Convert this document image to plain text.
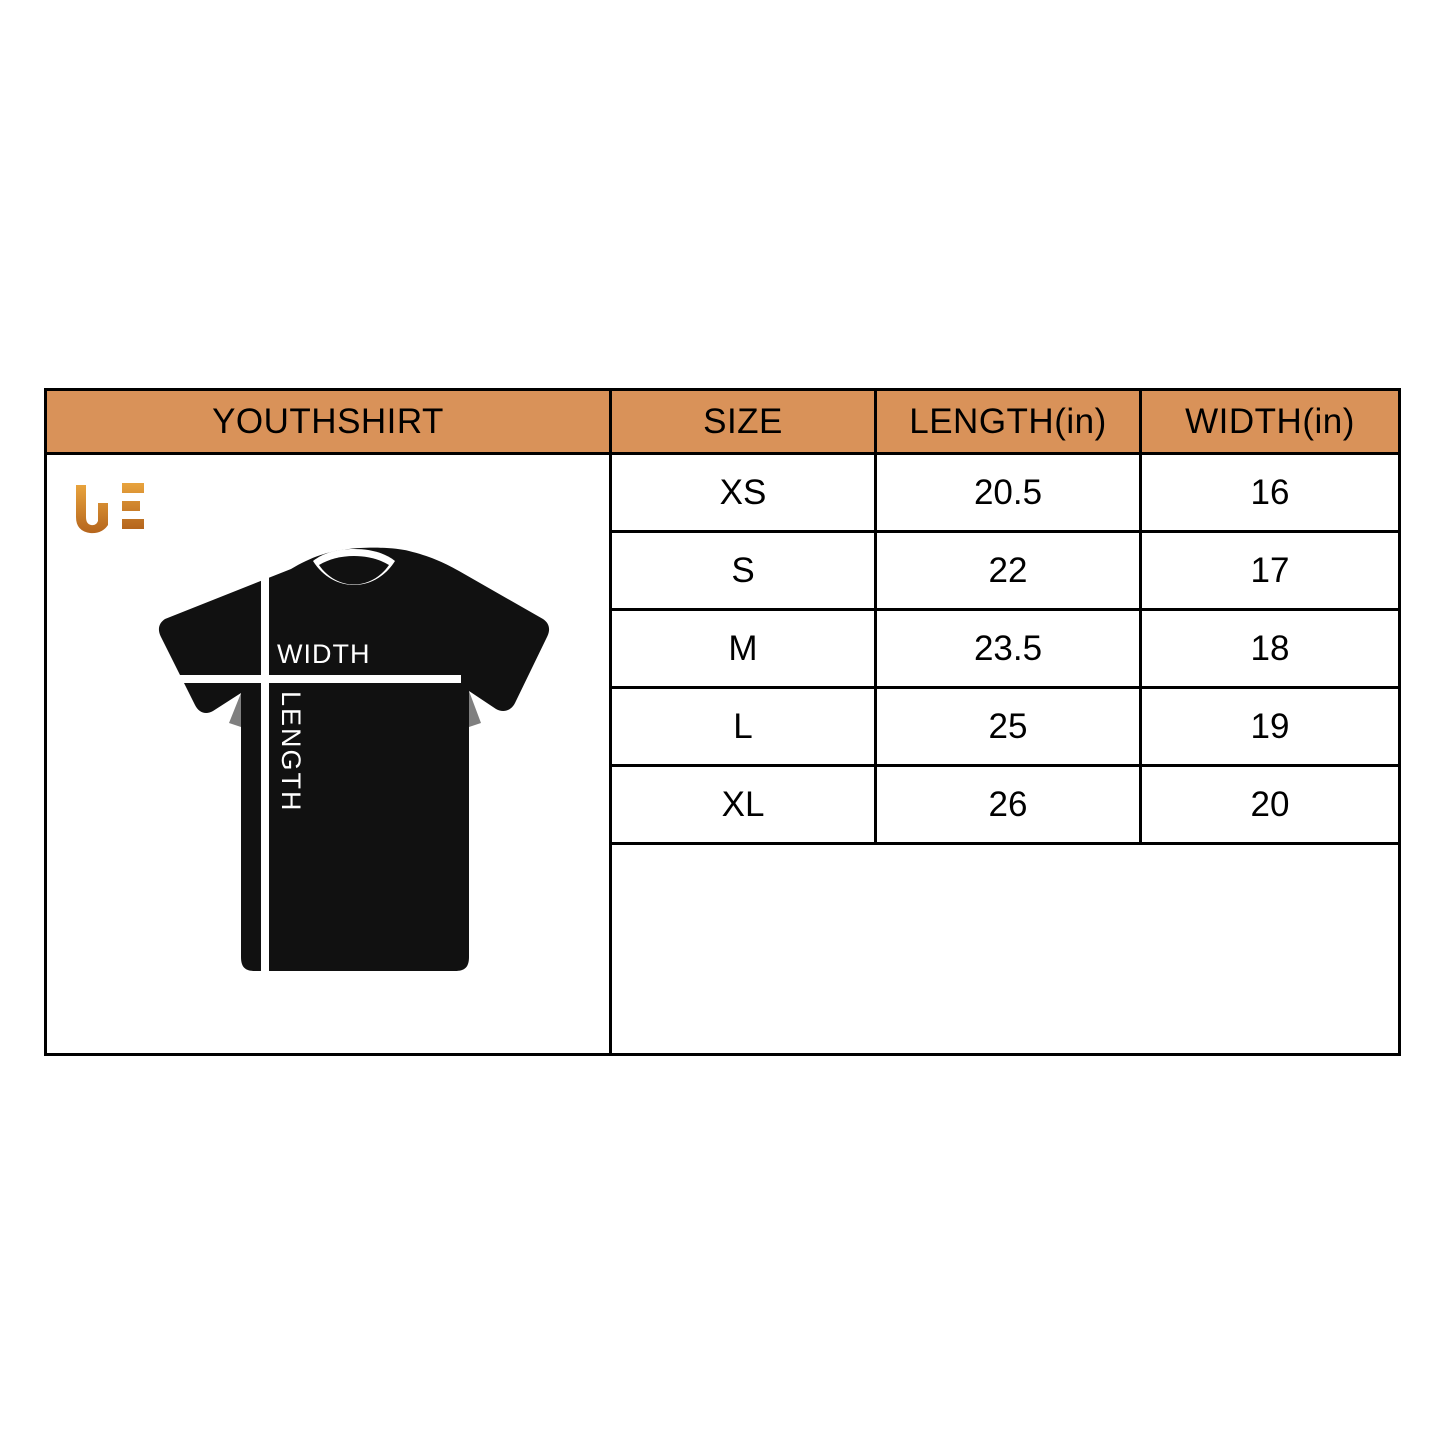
YOUTHSHIRT	SIZE	LENGTH(in) WIDTH(in)
WIDTH
LENGTH
XS	20.5	16
S	22	17
M	23.5	18
L	25	19
XL	26	20
